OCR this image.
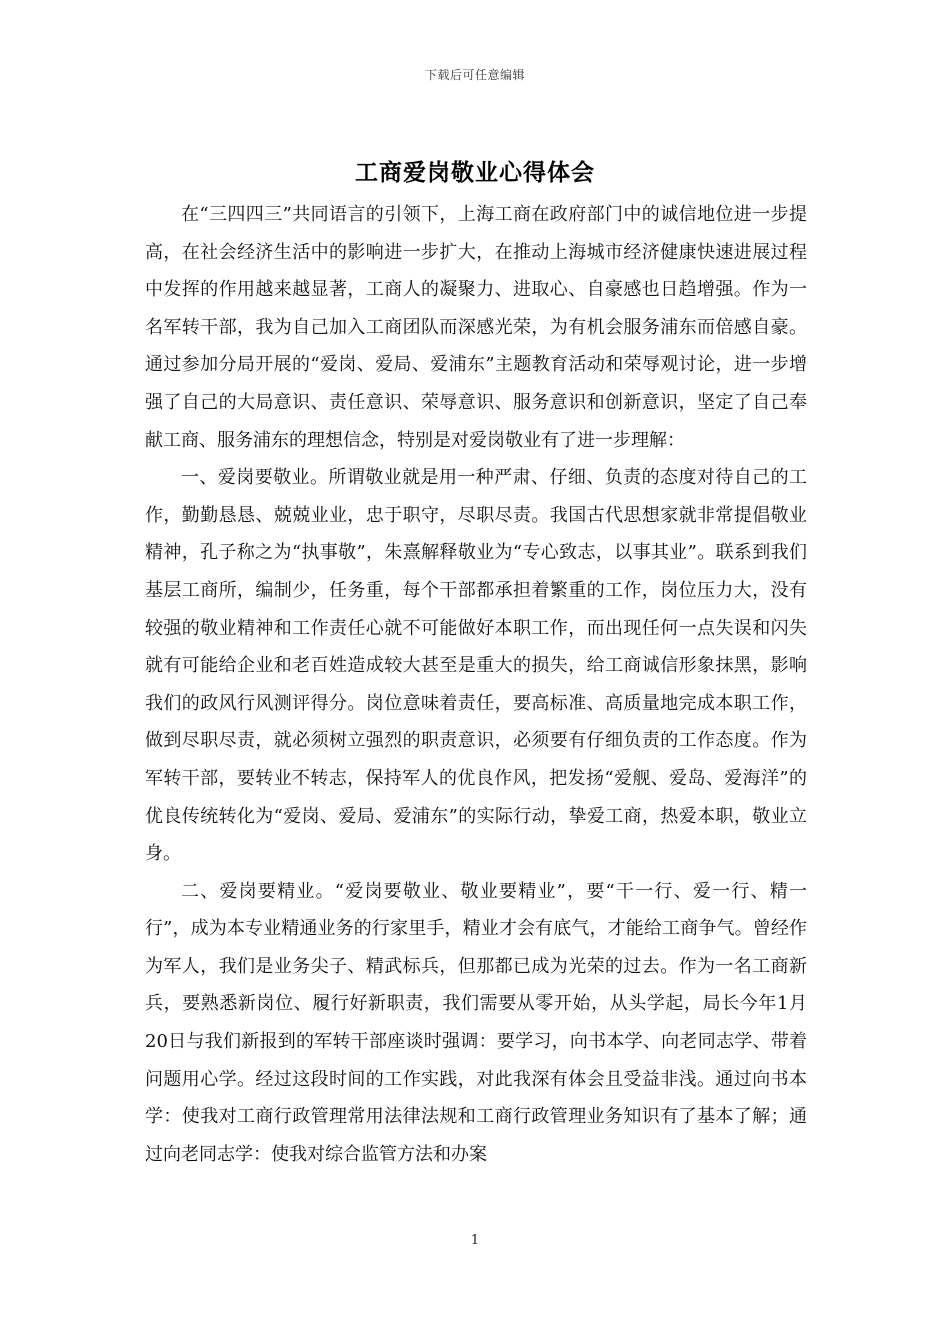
下载后可任意编辑
工商爱岗敬业心得体会

在“三四四三”共同语言的引领下，上海工商在政府部门中的诚信地位进一步提高，在社会经济生活中的影响进一步扩大，在推动上海城市经济健康快速进展过程中发挥的作用越来越显著，工商人的凝聚力、进取心、自豪感也日趋增强。作为一名军转干部，我为自己加入工商团队而深感光荣，为有机会服务浦东而倍感自豪。通过参加分局开展的“爱岗、爱局、爱浦东”主题教育活动和荣辱观讨论，进一步增强了自己的大局意识、责任意识、荣辱意识、服务意识和创新意识，坚定了自己奉献工商、服务浦东的理想信念，特别是对爱岗敬业有了进一步理解：

一、爱岗要敬业。所谓敬业就是用一种严肃、仔细、负责的态度对待自己的工作，勤勤恳恳、兢兢业业，忠于职守，尽职尽责。我国古代思想家就非常提倡敬业精神，孔子称之为“执事敬”，朱熹解释敬业为“专心致志，以事其业”。联系到我们基层工商所，编制少，任务重，每个干部都承担着繁重的工作，岗位压力大，没有较强的敬业精神和工作责任心就不可能做好本职工作，而出现任何一点失误和闪失就有可能给企业和老百姓造成较大甚至是重大的损失，给工商诚信形象抹黑，影响我们的政风行风测评得分。岗位意味着责任，要高标准、高质量地完成本职工作，做到尽职尽责，就必须树立强烈的职责意识，必须要有仔细负责的工作态度。作为军转干部，要转业不转志，保持军人的优良作风，把发扬“爱舰、爱岛、爱海洋”的优良传统转化为“爱岗、爱局、爱浦东”的实际行动，挚爱工商，热爱本职，敬业立身。

二、爱岗要精业。“爱岗要敬业、敬业要精业”，要“干一行、爱一行、精一行”，成为本专业精通业务的行家里手，精业才会有底气，才能给工商争气。曾经作为军人，我们是业务尖子、精武标兵，但那都已成为光荣的过去。作为一名工商新兵，要熟悉新岗位、履行好新职责，我们需要从零开始，从头学起，局长今年1月20日与我们新报到的军转干部座谈时强调：要学习，向书本学、向老同志学、带着问题用心学。经过这段时间的工作实践，对此我深有体会且受益非浅。通过向书本学：使我对工商行政管理常用法律法规和工商行政管理业务知识有了基本了解；通过向老同志学：使我对综合监管方法和办案

1
